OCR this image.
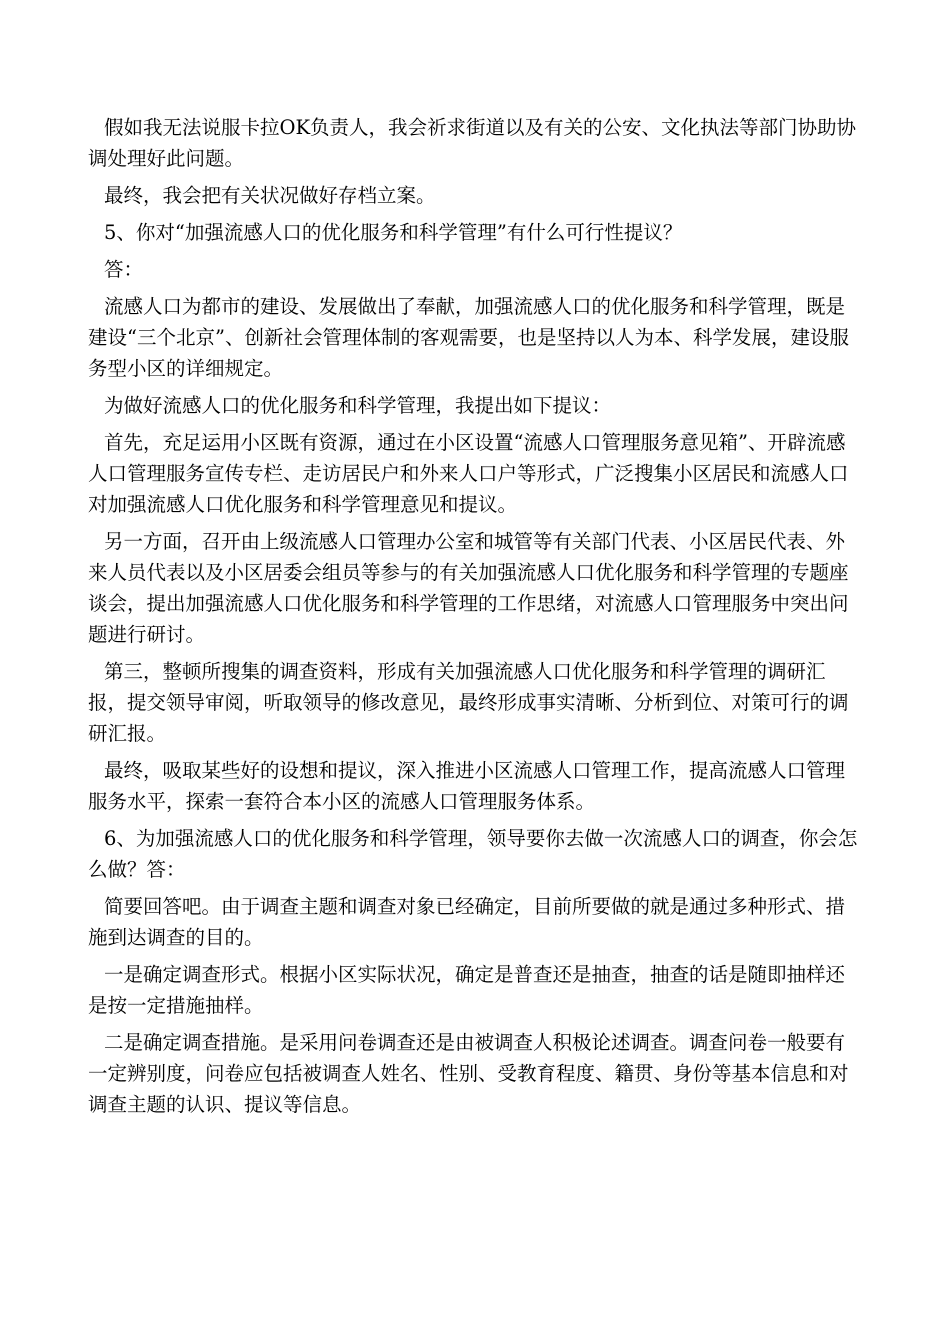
假如我无法说服卡拉OK负责人，我会祈求街道以及有关的公安、文化执法等部门协助协调处理好此问题。

最终，我会把有关状况做好存档立案。

5、你对“加强流感人口的优化服务和科学管理”有什么可行性提议？

答：

流感人口为都市的建设、发展做出了奉献，加强流感人口的优化服务和科学管理，既是建设“三个北京”、创新社会管理体制的客观需要，也是坚持以人为本、科学发展，建设服务型小区的详细规定。

为做好流感人口的优化服务和科学管理，我提出如下提议：

首先，充足运用小区既有资源，通过在小区设置“流感人口管理服务意见箱”、开辟流感人口管理服务宣传专栏、走访居民户和外来人口户等形式，广泛搜集小区居民和流感人口对加强流感人口优化服务和科学管理意见和提议。

另一方面，召开由上级流感人口管理办公室和城管等有关部门代表、小区居民代表、外来人员代表以及小区居委会组员等参与的有关加强流感人口优化服务和科学管理的专题座谈会，提出加强流感人口优化服务和科学管理的工作思绪，对流感人口管理服务中突出问题进行研讨。

第三，整顿所搜集的调查资料，形成有关加强流感人口优化服务和科学管理的调研汇报，提交领导审阅，听取领导的修改意见，最终形成事实清晰、分析到位、对策可行的调研汇报。

最终，吸取某些好的设想和提议，深入推进小区流感人口管理工作，提高流感人口管理服务水平，探索一套符合本小区的流感人口管理服务体系。

6、为加强流感人口的优化服务和科学管理，领导要你去做一次流感人口的调查，你会怎么做？答：

简要回答吧。由于调查主题和调查对象已经确定，目前所要做的就是通过多种形式、措施到达调查的目的。

一是确定调查形式。根据小区实际状况，确定是普查还是抽查，抽查的话是随即抽样还是按一定措施抽样。

二是确定调查措施。是采用问卷调查还是由被调查人积极论述调查。调查问卷一般要有一定辨别度，问卷应包括被调查人姓名、性别、受教育程度、籍贯、身份等基本信息和对调查主题的认识、提议等信息。
